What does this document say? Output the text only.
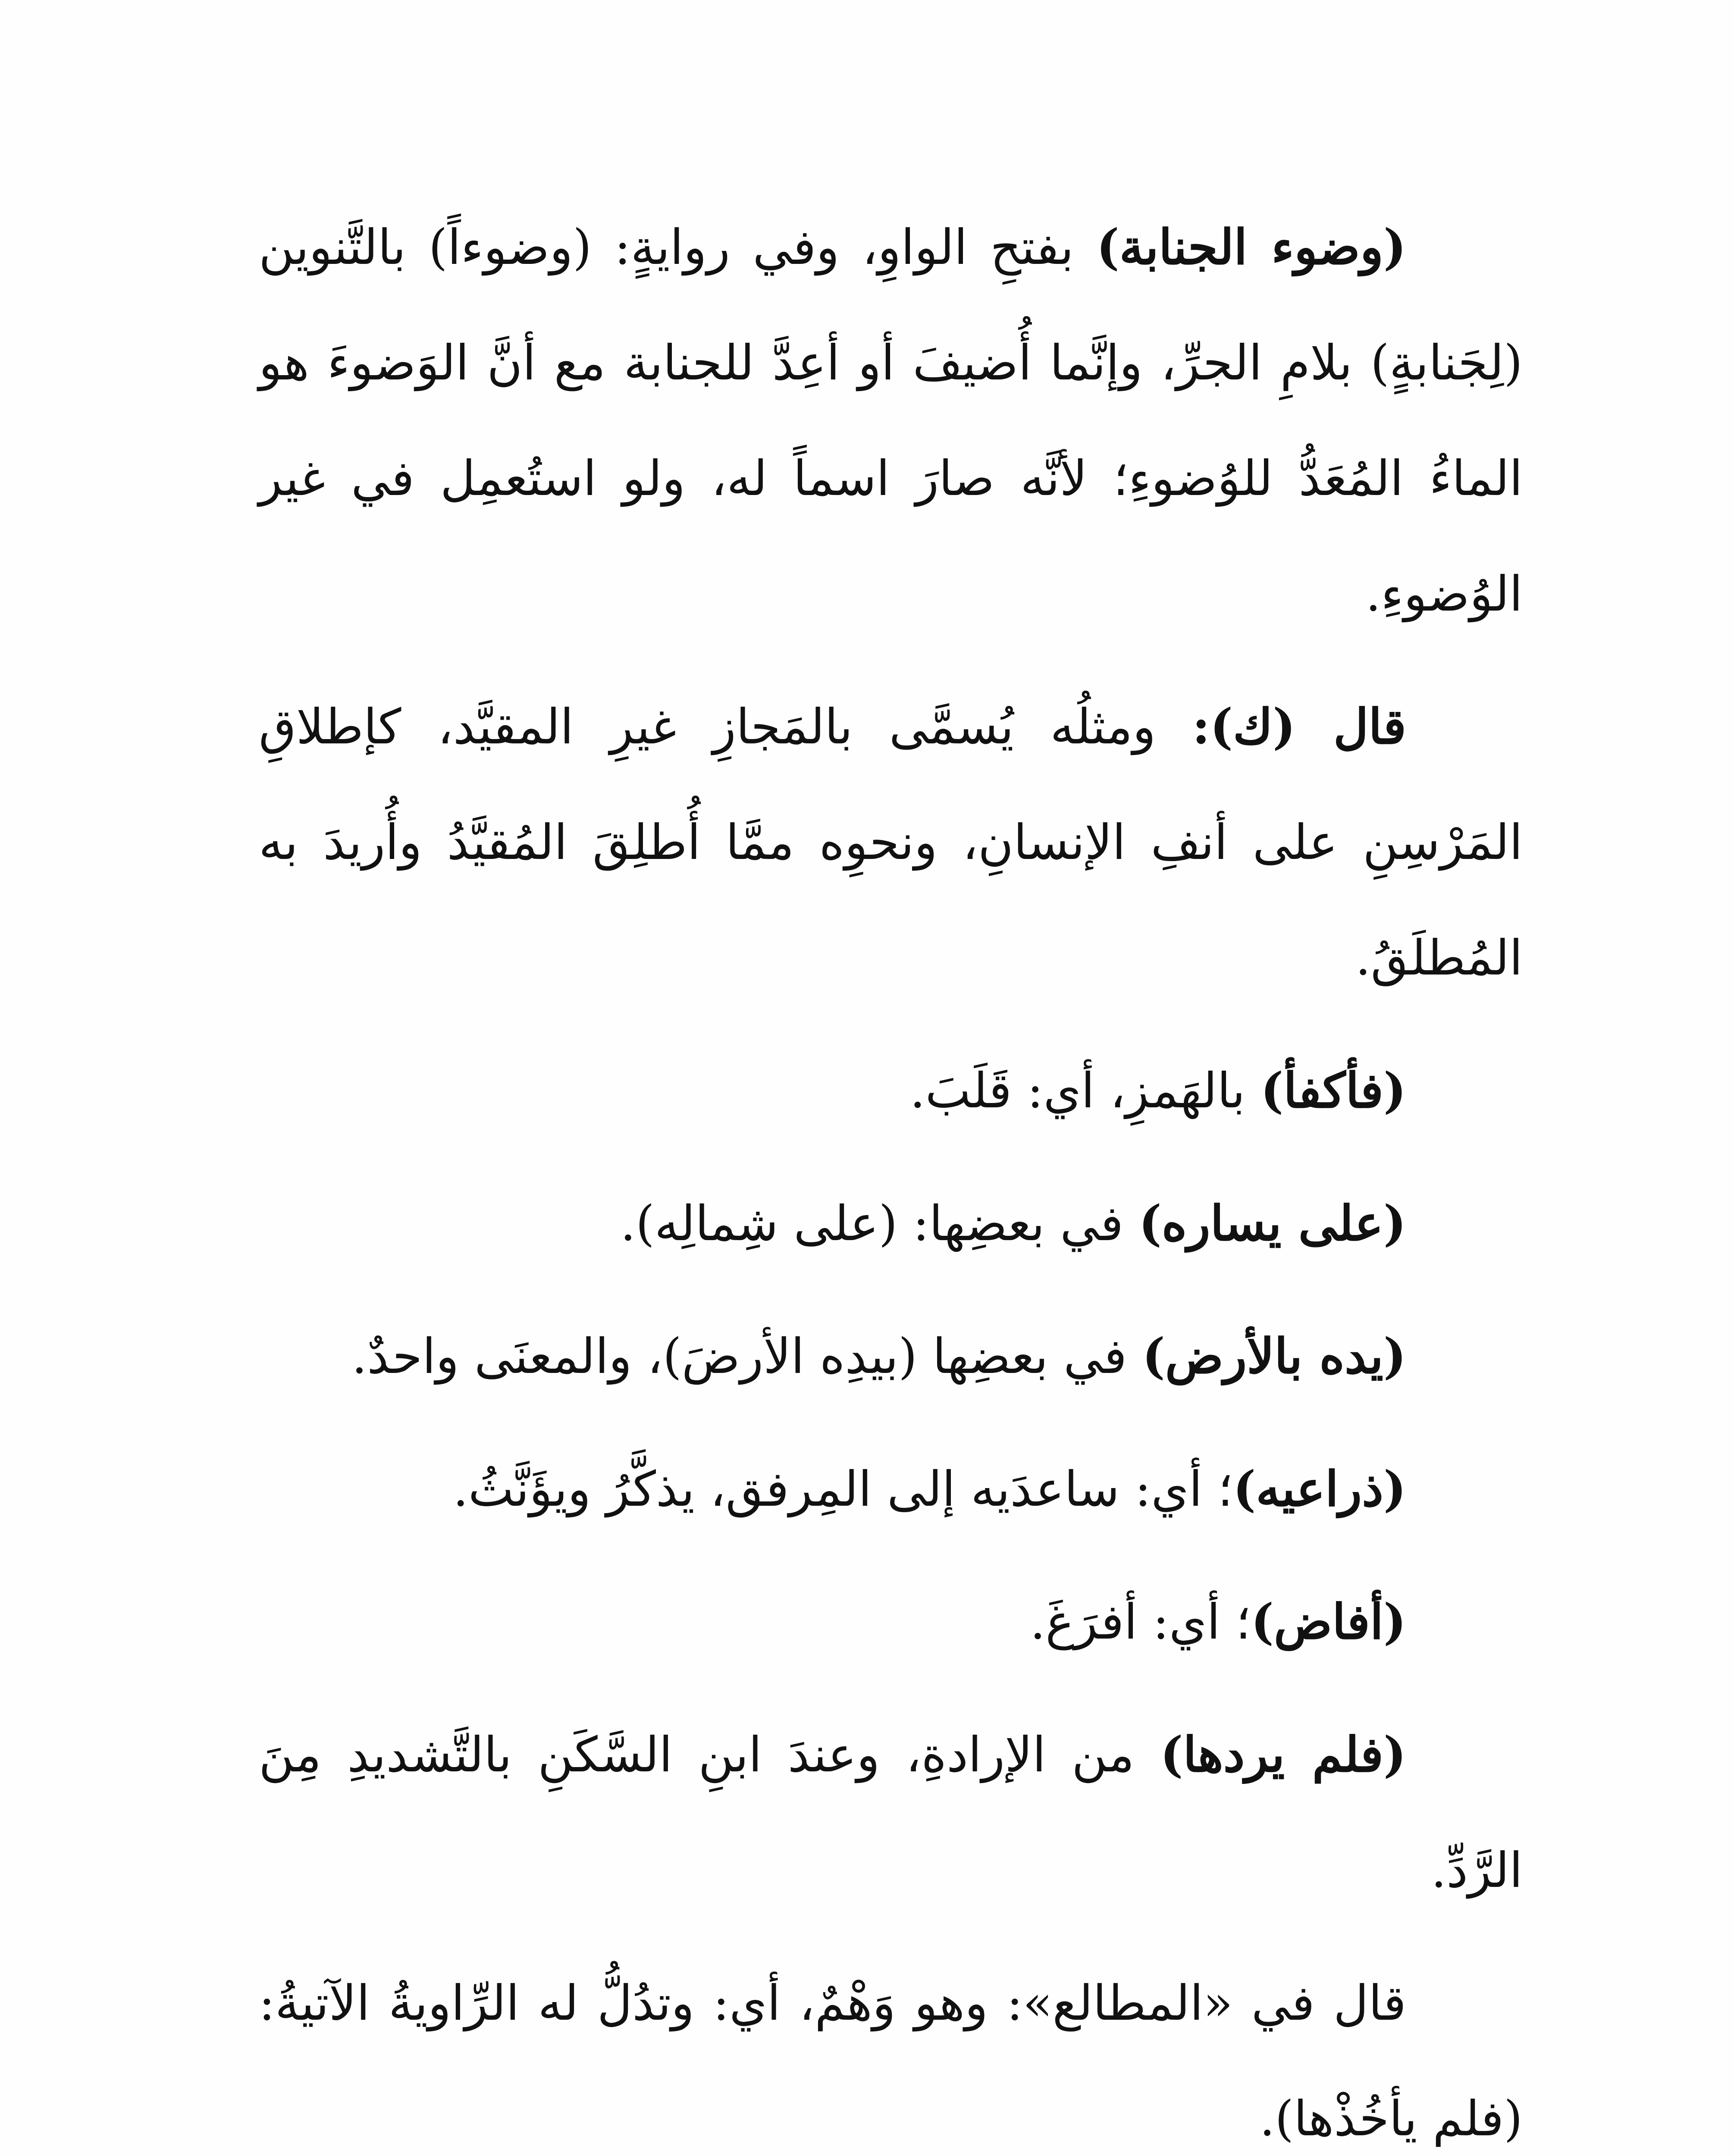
(وضوء الجنابة) بفتحِ الواوِ، وفي روايةٍ: (وضوءاً) بالتَّنوين (لِجَنابةٍ) بلامِ الجرِّ، وإنَّما أُضيفَ أو أعِدَّ للجنابة مع أنَّ الوَضوءَ هو الماءُ المُعَدُّ للوُضوءِ؛ لأنَّه صارَ اسماً له، ولو استُعمِل في غير الوُضوءِ.

قال (ك): ومثلُه يُسمَّى بالمَجازِ غيرِ المقيَّد، كإطلاقِ المَرْسِنِ على أنفِ الإنسانِ، ونحوِه ممَّا أُطلِقَ المُقيَّدُ وأُريدَ به المُطلَقُ.

(فأكفأ) بالهَمزِ، أي: قَلَبَ.

(على يساره) في بعضِها: (على شِمالِه).

(يده بالأرض) في بعضِها (بيدِه الأرضَ)، والمعنَى واحدٌ.

(ذراعيه)؛ أي: ساعدَيه إلى المِرفق، يذكَّرُ ويؤَنَّثُ.

(أفاض)؛ أي: أفرَغَ.

(فلم يردها) من الإرادةِ، وعندَ ابنِ السَّكَنِ بالتَّشديدِ مِنَ الرَّدِّ.

قال في «المطالع»: وهو وَهْمٌ، أي: وتدُلُّ له الرِّاويةُ الآتيةُ: (فلم يأخُذْها).
